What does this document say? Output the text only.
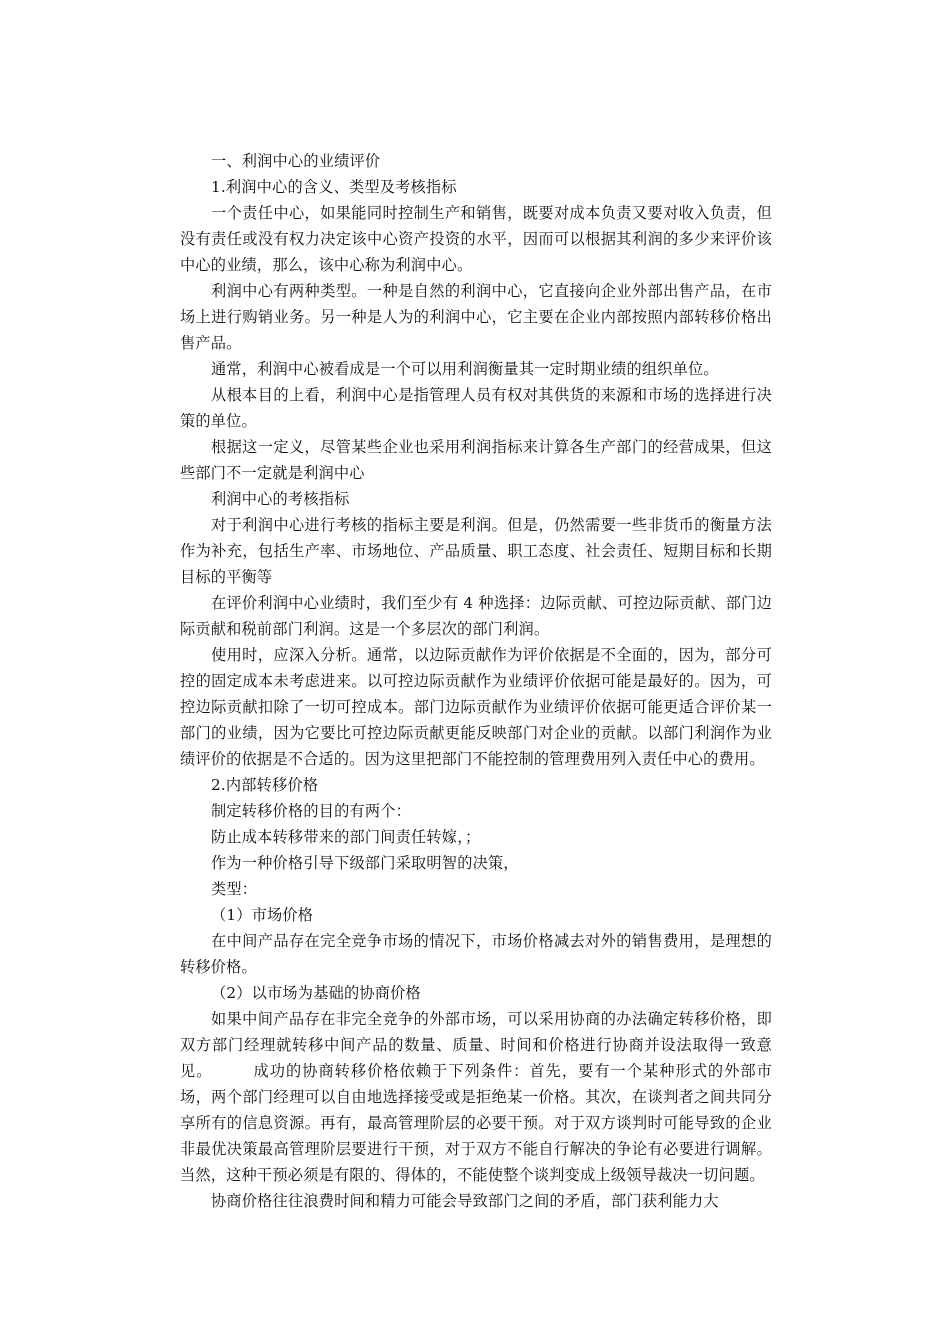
一、利润中心的业绩评价

1.利润中心的含义、类型及考核指标

一个责任中心，如果能同时控制生产和销售，既要对成本负责又要对收入负责，但没有责任或没有权力决定该中心资产投资的水平，因而可以根据其利润的多少来评价该中心的业绩，那么，该中心称为利润中心。

利润中心有两种类型。一种是自然的利润中心，它直接向企业外部出售产品，在市场上进行购销业务。另一种是人为的利润中心，它主要在企业内部按照内部转移价格出售产品。

通常，利润中心被看成是一个可以用利润衡量其一定时期业绩的组织单位。

从根本目的上看，利润中心是指管理人员有权对其供货的来源和市场的选择进行决策的单位。

根据这一定义，尽管某些企业也采用利润指标来计算各生产部门的经营成果，但这些部门不一定就是利润中心

利润中心的考核指标

对于利润中心进行考核的指标主要是利润。但是，仍然需要一些非货币的衡量方法作为补充，包括生产率、市场地位、产品质量、职工态度、社会责任、短期目标和长期目标的平衡等

在评价利润中心业绩时，我们至少有 4 种选择：边际贡献、可控边际贡献、部门边际贡献和税前部门利润。这是一个多层次的部门利润。

使用时，应深入分析。通常，以边际贡献作为评价依据是不全面的，因为，部分可控的固定成本未考虑进来。以可控边际贡献作为业绩评价依据可能是最好的。因为，可控边际贡献扣除了一切可控成本。部门边际贡献作为业绩评价依据可能更适合评价某一部门的业绩，因为它要比可控边际贡献更能反映部门对企业的贡献。以部门利润作为业绩评价的依据是不合适的。因为这里把部门不能控制的管理费用列入责任中心的费用。

2.内部转移价格

制定转移价格的目的有两个：

防止成本转移带来的部门间责任转嫁，；

作为一种价格引导下级部门采取明智的决策，

类型：

（1）市场价格

在中间产品存在完全竞争市场的情况下，市场价格减去对外的销售费用，是理想的转移价格。

（2）以市场为基础的协商价格

如果中间产品存在非完全竞争的外部市场，可以采用协商的办法确定转移价格，即双方部门经理就转移中间产品的数量、质量、时间和价格进行协商并设法取得一致意见。　　　成功的协商转移价格依赖于下列条件：首先，要有一个某种形式的外部市场，两个部门经理可以自由地选择接受或是拒绝某一价格。其次，在谈判者之间共同分享所有的信息资源。再有，最高管理阶层的必要干预。对于双方谈判时可能导致的企业非最优决策最高管理阶层要进行干预，对于双方不能自行解决的争论有必要进行调解。当然，这种干预必须是有限的、得体的，不能使整个谈判变成上级领导裁决一切问题。

协商价格往往浪费时间和精力可能会导致部门之间的矛盾，部门获利能力大
